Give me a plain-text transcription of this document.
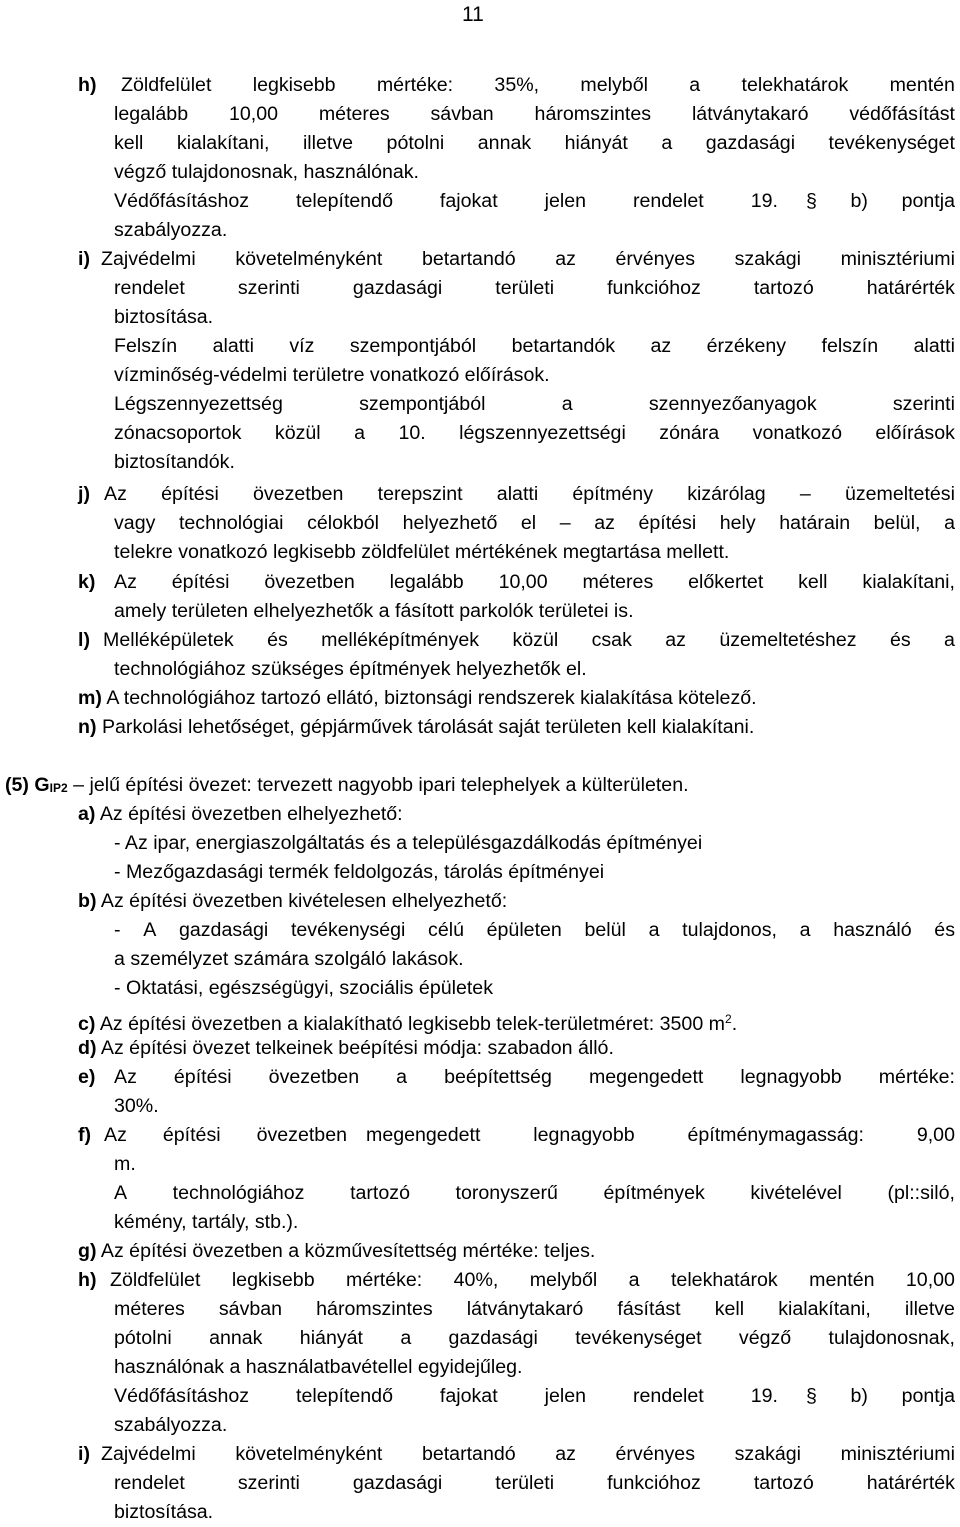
11
h) Zöldfelület legkisebb mértéke: 35%, melyből a telekhatárok mentén
legalább 10,00 méteres sávban háromszintes látványtakaró védőfásítást
kell kialakítani, illetve pótolni annak hiányát a gazdasági tevékenységet
végző tulajdonosnak, használónak.
Védőfásításhoz telepítendő fajokat jelen rendelet 19. § b) pontja
szabályozza.
i) Zajvédelmi követelményként betartandó az érvényes szakági minisztériumi
rendelet	szerinti	gazdasági	területi	funkcióhoz	tartozó	határérték
biztosítása.
Felszín alatti víz szempontjából betartandók az érzékeny felszín alatti
vízminőség-védelmi területre vonatkozó előírások.
Légszennyezettség	szempontjából	a	szennyezőanyagok	szerinti
zónacsoportok közül a 10. légszennyezettségi zónára vonatkozó előírások
biztosítandók.
j) Az építési övezetben terepszint alatti építmény kizárólag – üzemeltetési
vagy technológiai célokból helyezhető el – az építési hely határain belül, a
telekre vonatkozó legkisebb zöldfelület mértékének megtartása mellett.
k) Az építési övezetben legalább 10,00 méteres előkertet kell kialakítani,
amely területen elhelyezhetők a fásított parkolók területei is.
l) Melléképületek és melléképítmények közül csak az üzemeltetéshez és a
technológiához szükséges építmények helyezhetők el.
m) A technológiához tartozó ellátó, biztonsági rendszerek kialakítása kötelező.
n) Parkolási lehetőséget, gépjárművek tárolását saját területen kell kialakítani.
(5) $G_{IP2}$ – jelű építési övezet: tervezett nagyobb ipari telephelyek a külterületen.
a) Az építési övezetben elhelyezhető:
- Az ipar, energiaszolgáltatás és a településgazdálkodás építményei
- Mezőgazdasági termék feldolgozás, tárolás építményei
b) Az építési övezetben kivételesen elhelyezhető:
- A gazdasági tevékenységi célú épületen belül a tulajdonos, a használó és
a személyzet számára szolgáló lakások.
- Oktatási, egészségügyi, szociális épületek
c) Az építési övezetben a kialakítható legkisebb telek-területméret: 3500 $m^2$.
d) Az építési övezet telkeinek beépítési módja: szabadon álló.
e) Az építési övezetben a beépítettség megengedett legnagyobb mértéke:
30%.
f) Az építési övezetben megengedett	legnagyobb	építménymagasság:	9,00
m.
A technológiához tartozó toronyszerű építmények kivételével (pl::siló,
kémény, tartály, stb.).
g) Az építési övezetben a közművesítettség mértéke: teljes.
h) Zöldfelület legkisebb mértéke: 40%, melyből a telekhatárok mentén 10,00
méteres sávban háromszintes látványtakaró fásítást kell kialakítani, illetve
pótolni annak hiányát a gazdasági tevékenységet végző tulajdonosnak,
használónak a használatbavétellel egyidejűleg.
Védőfásításhoz telepítendő fajokat jelen rendelet 19. § b) pontja
szabályozza.
i) Zajvédelmi követelményként betartandó az érvényes szakági minisztériumi
rendelet	szerinti	gazdasági	területi	funkcióhoz	tartozó	határérték
biztosítása.
